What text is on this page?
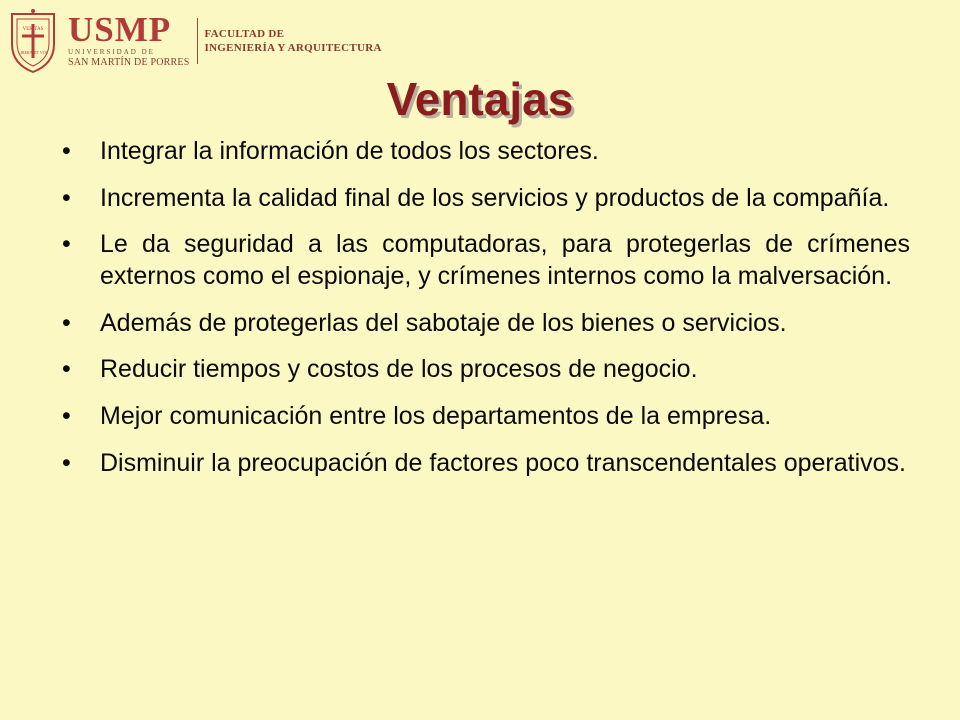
VERITAS
LIBERABIT VOS
USMP
UNIVERSIDAD DE
SAN MARTÍN DE PORRES
FACULTAD DE
INGENIERÍA Y ARQUITECTURA
Ventajas
• Integrar la información de todos los sectores.
• Incrementa la calidad final de los servicios y productos de la compañía.
• Le da seguridad a las computadoras, para protegerlas de crímenes externos como el espionaje, y crímenes internos como la malversación.
• Además de protegerlas del sabotaje de los bienes o servicios.
• Reducir tiempos y costos de los procesos de negocio.
• Mejor comunicación entre los departamentos de la empresa.
• Disminuir la preocupación de factores poco transcendentales operativos.
